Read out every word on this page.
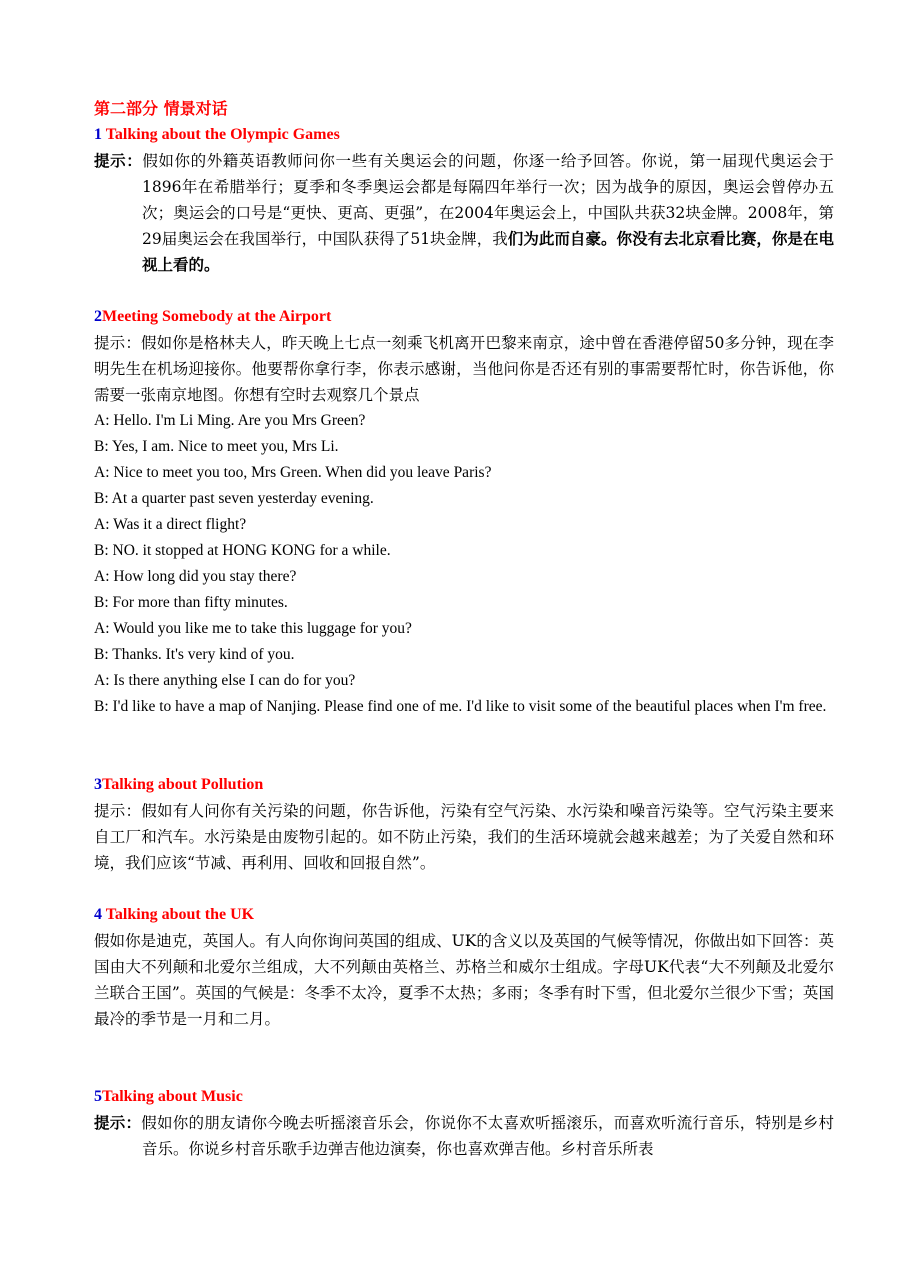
第二部分 情景对话
1 Talking about the Olympic Games
提示：假如你的外籍英语教师问你一些有关奥运会的问题，你逐一给予回答。你说，第一届现代奥运会于1896年在希腊举行；夏季和冬季奥运会都是每隔四年举行一次；因为战争的原因，奥运会曾停办五次；奥运会的口号是“更快、更高、更强”，在2004年奥运会上，中国队共获32块金牌。2008年，第29届奥运会在我国举行，中国队获得了51块金牌，我们为此而自豪。你没有去北京看比赛，你是在电视上看的。
2Meeting Somebody at the Airport
提示：假如你是格林夫人，昨天晚上七点一刻乘飞机离开巴黎来南京，途中曾在香港停留50多分钟，现在李明先生在机场迎接你。他要帮你拿行李，你表示感谢，当他问你是否还有别的事需要帮忙时，你告诉他，你需要一张南京地图。你想有空时去观察几个景点
A: Hello. I'm Li Ming. Are you Mrs Green?
B: Yes, I am. Nice to meet you, Mrs Li.
A: Nice to meet you too, Mrs Green. When did you leave Paris?
B: At a quarter past seven yesterday evening.
A: Was it a direct flight?
B: NO. it stopped at HONG KONG for a while.
A: How long did you stay there?
B: For more than fifty minutes.
A: Would you like me to take this luggage for you?
B: Thanks. It's very kind of you.
A: Is there anything else I can do for you?
B: I'd like to have a map of Nanjing. Please find one of me. I'd like to visit some of the beautiful places when I'm free.
3Talking about Pollution
提示：假如有人问你有关污染的问题，你告诉他，污染有空气污染、水污染和噪音污染等。空气污染主要来自工厂和汽车。水污染是由废物引起的。如不防止污染，我们的生活环境就会越来越差；为了关爱自然和环境，我们应该“节减、再利用、回收和回报自然”。
4 Talking about the UK
假如你是迪克，英国人。有人向你询问英国的组成、UK的含义以及英国的气候等情况，你做出如下回答：英国由大不列颠和北爱尔兰组成，大不列颠由英格兰、苏格兰和威尔士组成。字母UK代表“大不列颠及北爱尔兰联合王国”。英国的气候是：冬季不太冷，夏季不太热；多雨；冬季有时下雪，但北爱尔兰很少下雪；英国最冷的季节是一月和二月。
5Talking about Music
提示：假如你的朋友请你今晚去听摇滚音乐会，你说你不太喜欢听摇滚乐，而喜欢听流行音乐，特别是乡村音乐。你说乡村音乐歌手边弹吉他边演奏，你也喜欢弹吉他。乡村音乐所表
